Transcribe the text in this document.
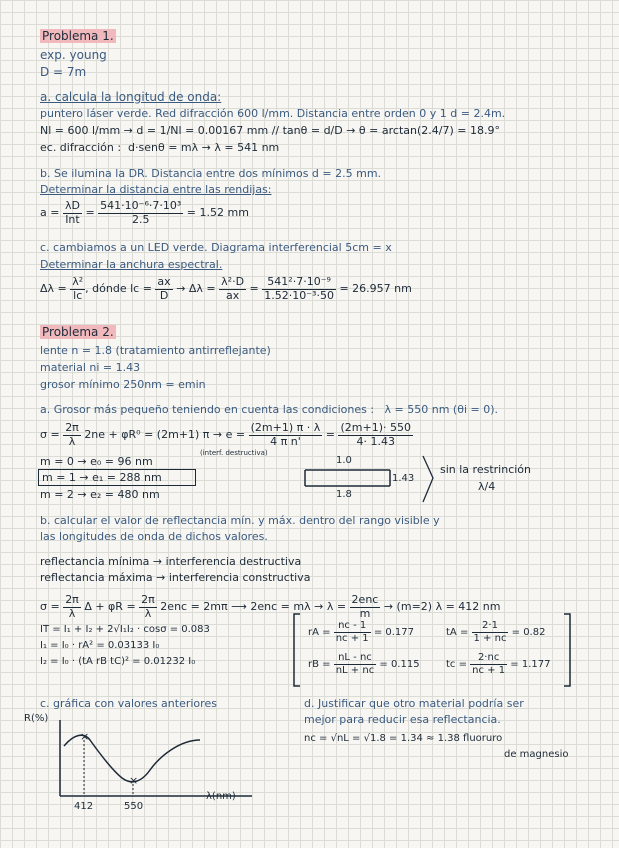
Problema 1.
exp. young
D = 7m
a. calcula la longitud de onda:
puntero láser verde. Red difracción 600 l/mm. Distancia entre orden 0 y 1 d = 2.4m.
Nl = 600 l/mm → d = 1/Nl = 0.00167 mm // tanθ = d/D → θ = arctan(2.4/7) = 18.9°
ec. difracción : d·senθ = mλ → λ = 541 nm
b. Se ilumina la DR. Distancia entre dos mínimos d = 2.5 mm.
Determinar la distancia entre las rendijas:
$a = \frac{\lambda D}{\text{Int}} = \frac{\text{541·10⁻⁶·7·10³}}{2.5} = 1.52$ mm
c. cambiamos a un LED verde. Diagrama interferencial 5cm = x
Determinar la anchura espectral.
$\Delta\lambda = \frac{\text{λ²}}{lc}$ , dónde lc = $\frac{ax}{D} \to \Delta\lambda = \frac{\text{λ²·D}}{ax} = \frac{\text{541²·7·10⁻⁹}}{\text{1.52·10⁻³·50}} = 26.957$ nm
Problema 2.
lente n = 1.8 (tratamiento antirreflejante)
material ni = 1.43
grosor mínimo 250nm = emin
a. Grosor más pequeño teniendo en cuenta las condiciones : λ = 550 nm (θi = 0).
$\sigma = \frac{2\pi}{\lambda} 2ne + \varphi R^0 = (2m+1) \pi \to e = \frac{(2m+1) \pi \cdot \lambda}{\text{4 π n'}} = \frac{(2m+1)\cdot 550}{4\cdot 1.43}$
(interf. destructiva)
m = 0 → e₀ = 96 nm
m = 1 → e₁ = 288 nm
m = 2 → e₂ = 480 nm
1.0
1.43
1.8
sin la restrinción
λ/4
b. calcular el valor de reflectancia mín. y máx. dentro del rango visible y
las longitudes de onda de dichos valores.
reflectancia mínima → interferencia destructiva
reflectancia máxima → interferencia constructiva
$\sigma = \frac{2\pi}{\lambda}$ $\Delta + \varphi R = \frac{2\pi}{\lambda} 2enc = 2m\pi$ ⟶ $2enc = m\lambda \to \lambda = \frac{\text{2enc}}{m} \to (m=2) \lambda = 412$ nm
IT = I₁ + I₂ + 2√I₁I₂ · cosσ = 0.083
I₁ = I₀ · rA² = 0.03133 I₀
I₂ = I₀ · (tA rB tC)² = 0.01232 I₀
rA = $\frac{nc - 1}{nc + 1} = 0.177$	tA = $\frac{2\cdot 1}{1 + nc} = 0.82$
rB = $\frac{nL - nc}{nL + nc} = 0.115$	tc = $\frac{2\cdot nc}{nc + 1} = 1.177$
c. gráfica con valores anteriores
R(%)
×
×
412	550
λ(nm)
d. Justificar que otro material podría ser
mejor para reducir esa reflectancia.
nc = √nL = √1.8 = 1.34 ≈ 1.38 fluoruro
de magnesio
